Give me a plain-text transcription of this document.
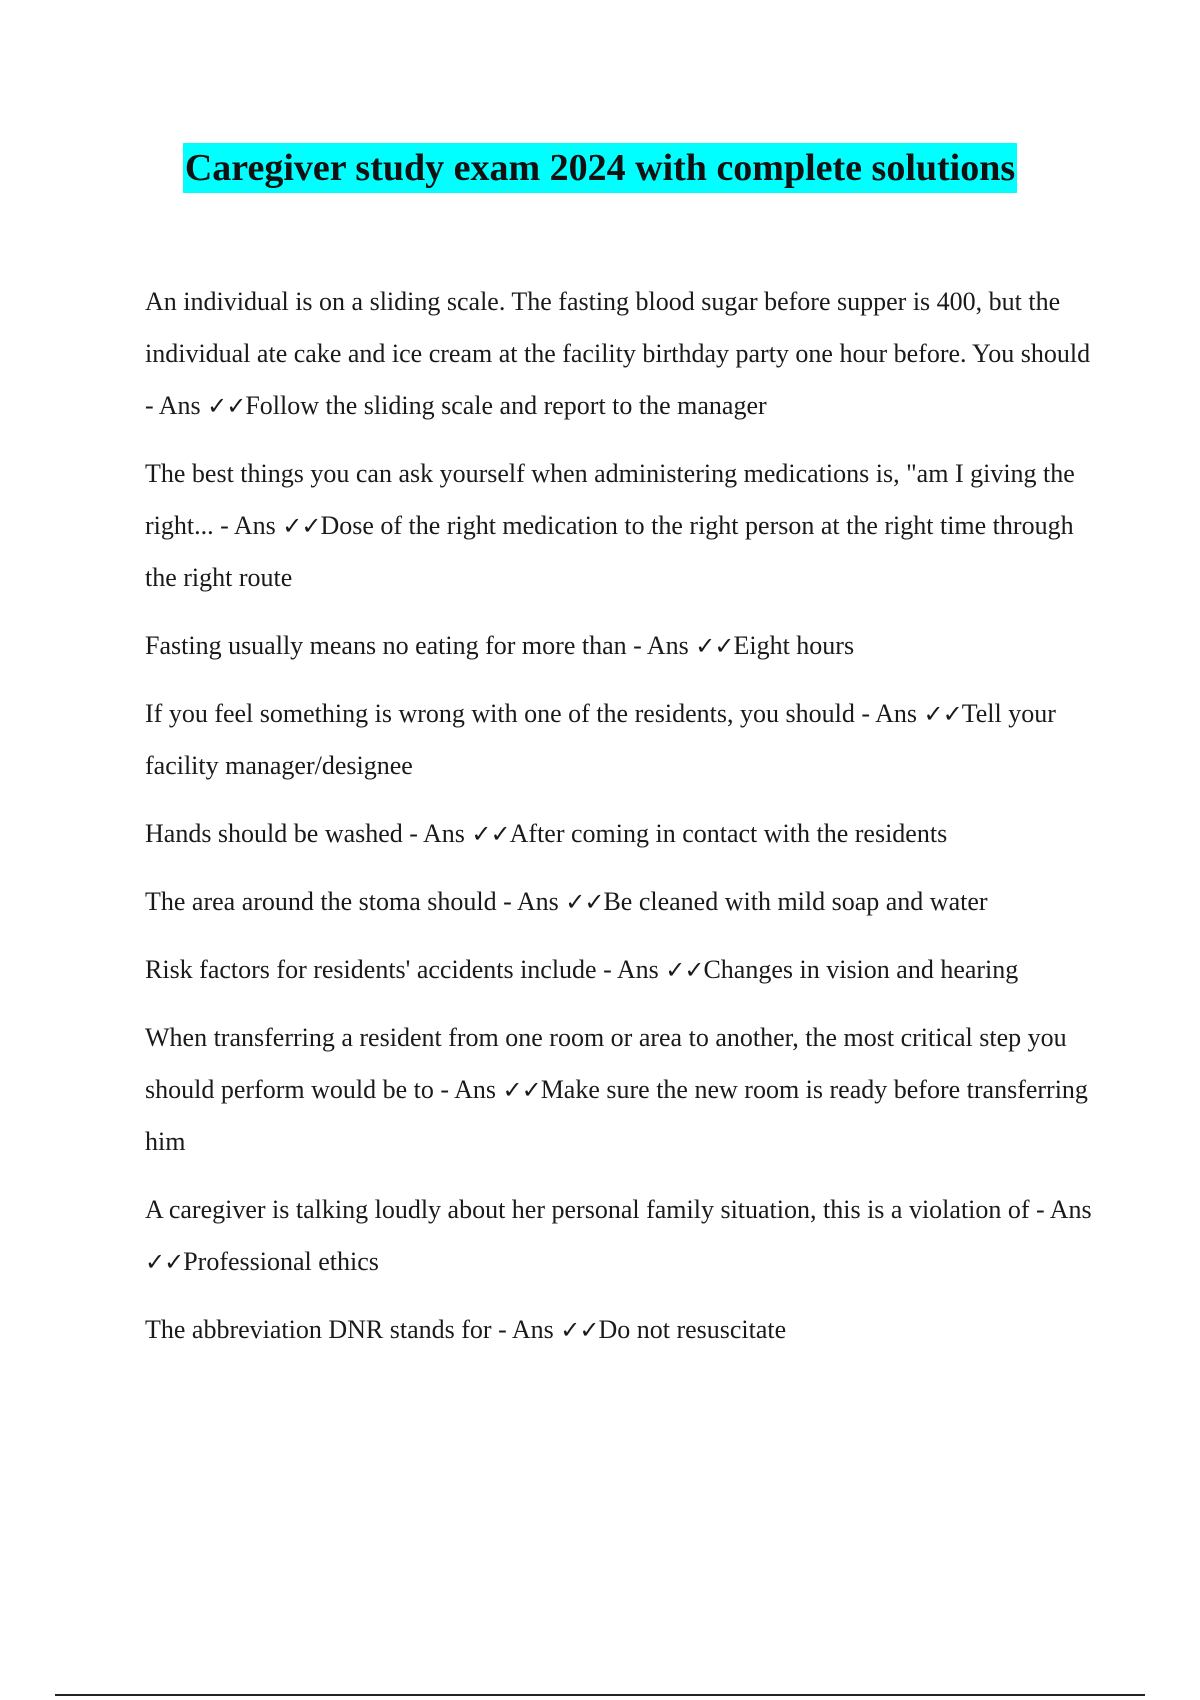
Caregiver study exam 2024 with complete solutions

An individual is on a sliding scale. The fasting blood sugar before supper is 400, but the individual ate cake and ice cream at the facility birthday party one hour before. You should - Ans ✓✓Follow the sliding scale and report to the manager

The best things you can ask yourself when administering medications is, "am I giving the right... - Ans ✓✓Dose of the right medication to the right person at the right time through the right route

Fasting usually means no eating for more than - Ans ✓✓Eight hours

If you feel something is wrong with one of the residents, you should - Ans ✓✓Tell your facility manager/designee

Hands should be washed - Ans ✓✓After coming in contact with the residents

The area around the stoma should - Ans ✓✓Be cleaned with mild soap and water

Risk factors for residents' accidents include - Ans ✓✓Changes in vision and hearing

When transferring a resident from one room or area to another, the most critical step you should perform would be to - Ans ✓✓Make sure the new room is ready before transferring him

A caregiver is talking loudly about her personal family situation, this is a violation of - Ans ✓✓Professional ethics

The abbreviation DNR stands for - Ans ✓✓Do not resuscitate
